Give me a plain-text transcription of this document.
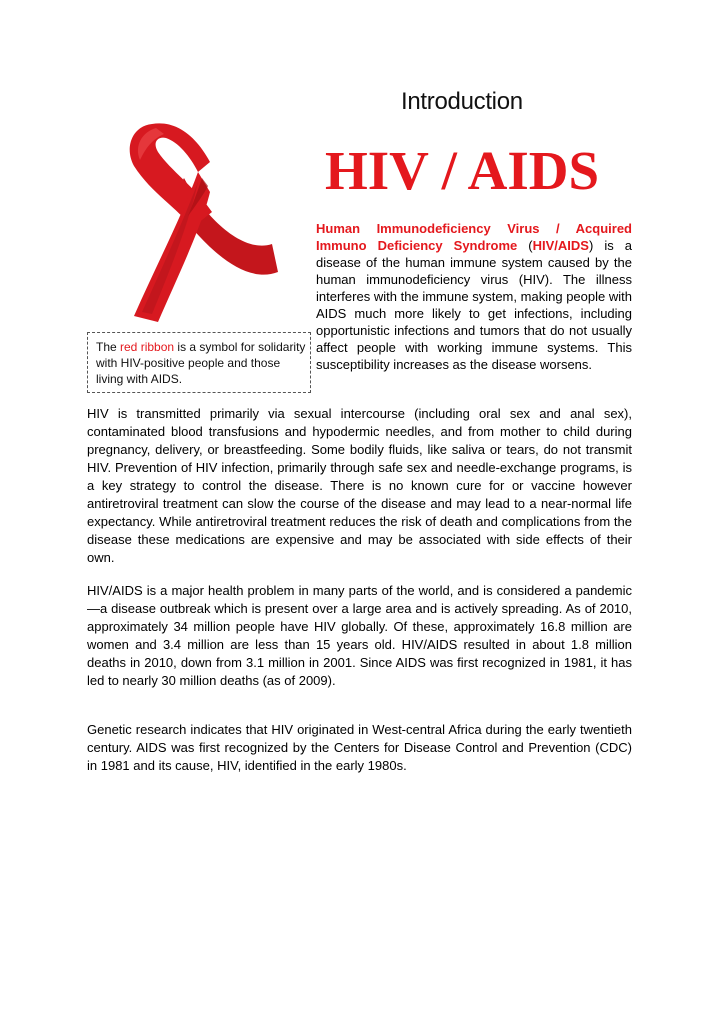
Introduction
HIV / AIDS
Human Immunodeficiency Virus / Acquired Immuno Deficiency Syndrome (HIV/AIDS) is a disease of the human immune system caused by the human immunodeficiency virus (HIV). The illness interferes with the immune system, making people with AIDS much more likely to get infections, including opportunistic infections and tumors that do not usually affect people with working immune systems. This susceptibility increases as the disease worsens.
The red ribbon is a symbol for solidarity with HIV-positive people and those living with AIDS.

HIV is transmitted primarily via sexual intercourse (including oral sex and anal sex), contaminated blood transfusions and hypodermic needles, and from mother to child during pregnancy, delivery, or breastfeeding. Some bodily fluids, like saliva or tears, do not transmit HIV. Prevention of HIV infection, primarily through safe sex and needle-exchange programs, is a key strategy to control the disease. There is no known cure for or vaccine however antiretroviral treatment can slow the course of the disease and may lead to a near-normal life expectancy. While antiretroviral treatment reduces the risk of death and complications from the disease these medications are expensive and may be associated with side effects of their own.

HIV/AIDS is a major health problem in many parts of the world, and is considered a pandemic—a disease outbreak which is present over a large area and is actively spreading. As of 2010, approximately 34 million people have HIV globally. Of these, approximately 16.8 million are women and 3.4 million are less than 15 years old. HIV/AIDS resulted in about 1.8 million deaths in 2010, down from 3.1 million in 2001. Since AIDS was first recognized in 1981, it has led to nearly 30 million deaths (as of 2009).

Genetic research indicates that HIV originated in West-central Africa during the early twentieth century. AIDS was first recognized by the Centers for Disease Control and Prevention (CDC) in 1981 and its cause, HIV, identified in the early 1980s.
